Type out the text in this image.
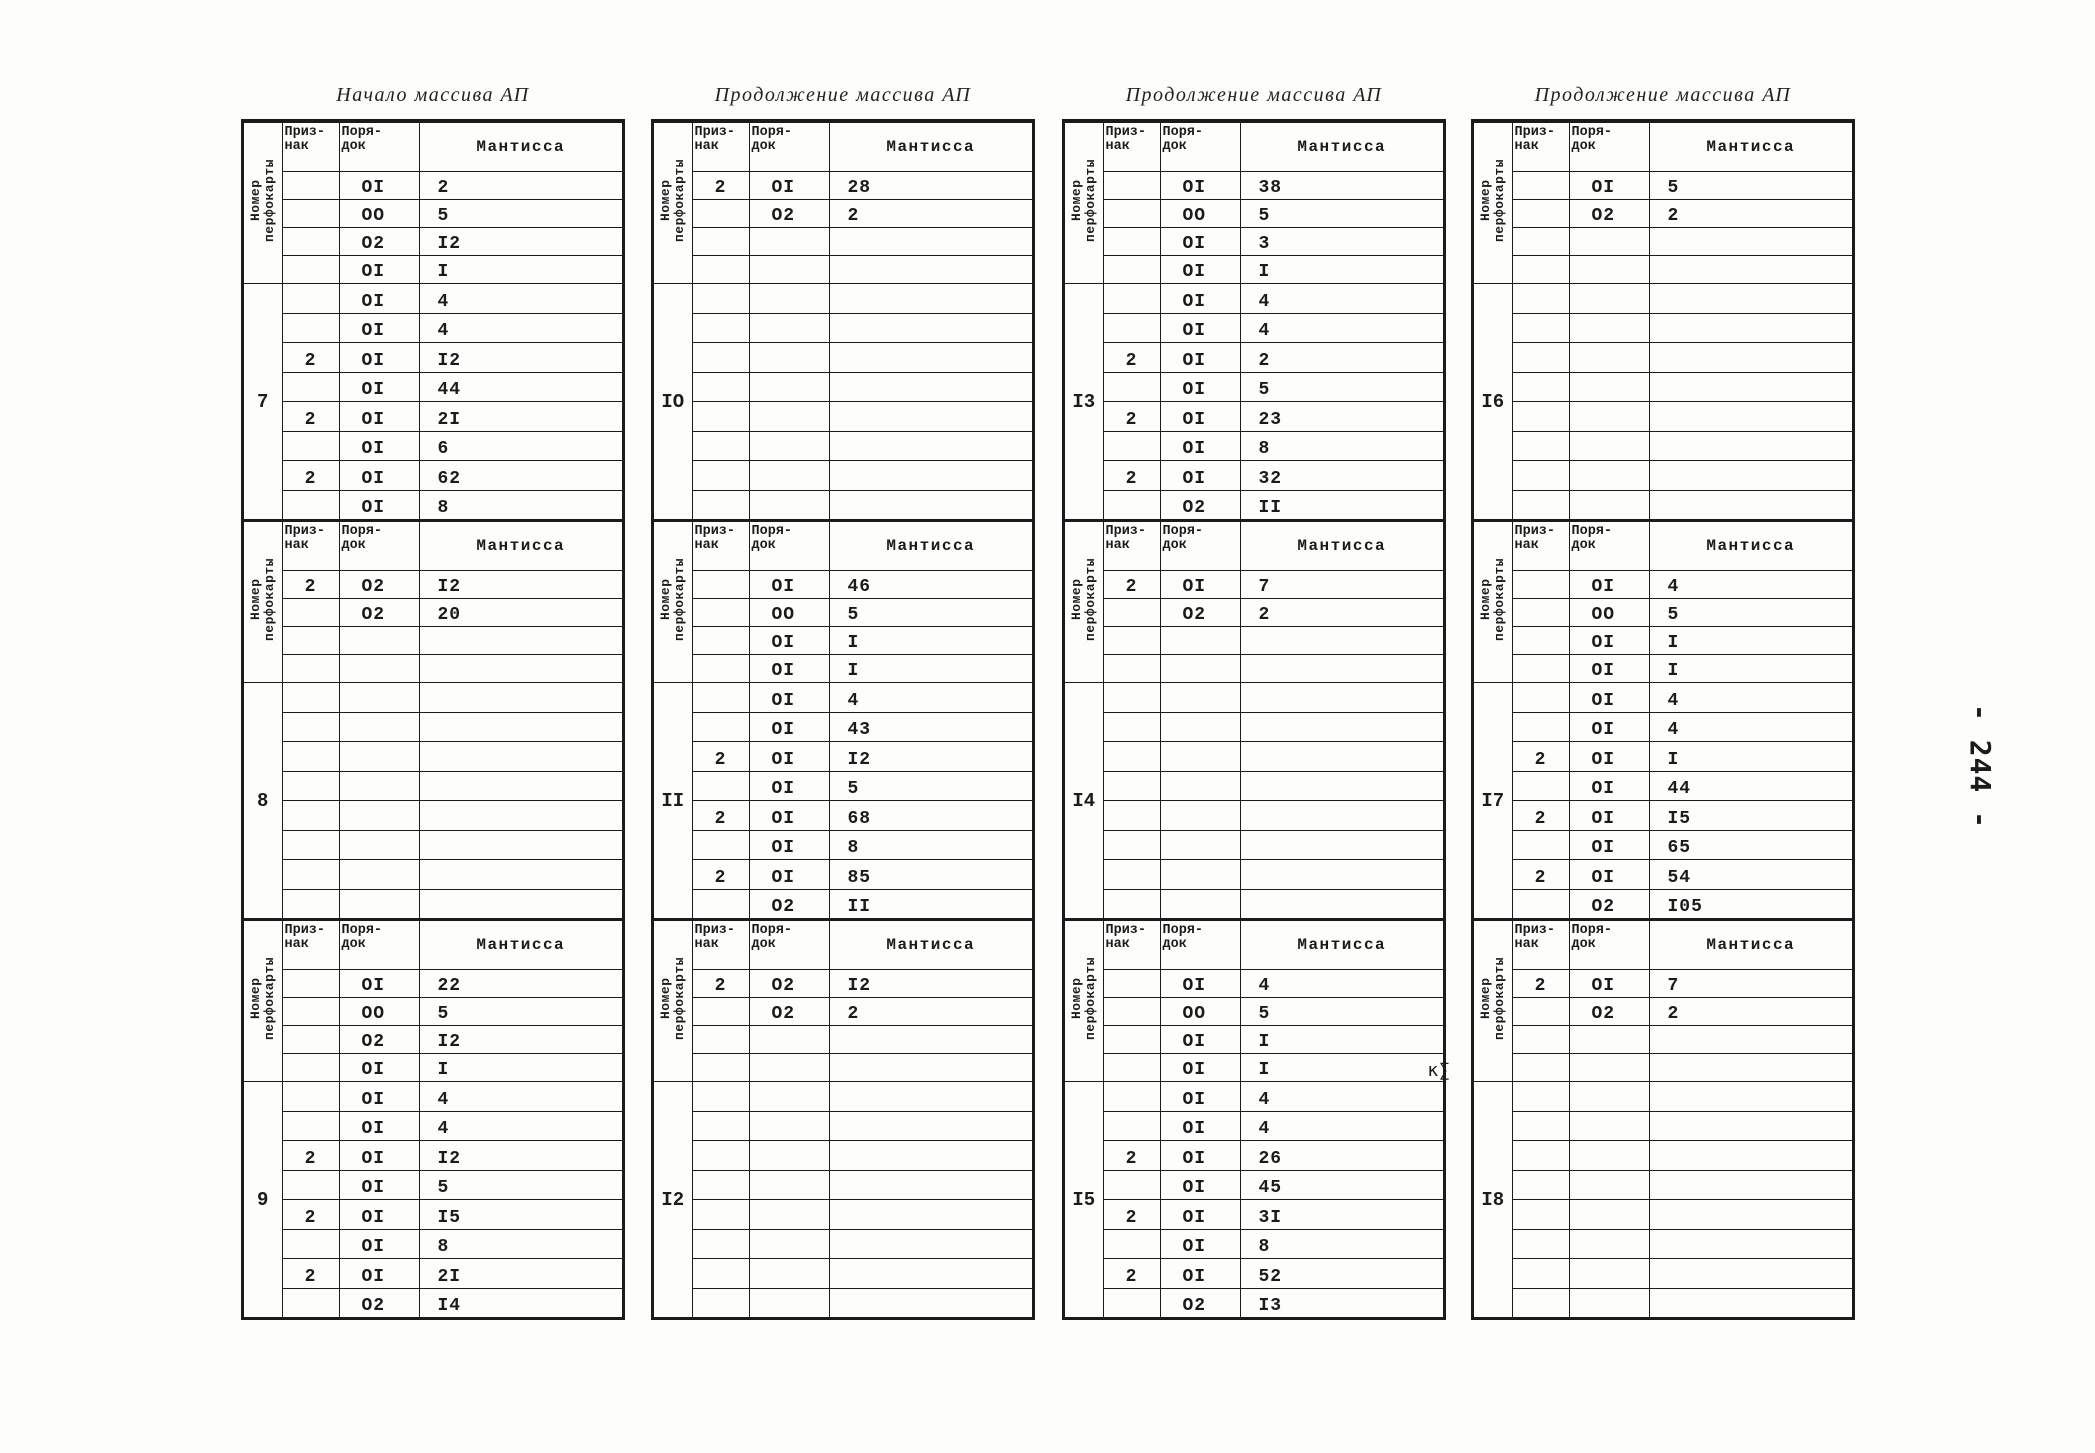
- 244 -
Начало массива АП
Номер перфокарты	Приз-
нак	Поря-
док	Мантисса
		OI	2
		OO	5
		O2	I2
		OI	I
7		OI	4
		OI	4
	2	OI	I2
		OI	44
	2	OI	2I
		OI	6
	2	OI	62
		OI	8
Номер перфокарты	Приз-
нак	Поря-
док	Мантисса
	2	O2	I2
		O2	20

8			

Номер перфокарты	Приз-
нак	Поря-
док	Мантисса
		OI	22
		OO	5
		O2	I2
		OI	I
9		OI	4
		OI	4
	2	OI	I2
		OI	5
	2	OI	I5
		OI	8
	2	OI	2I
		O2	I4
Продолжение массива АП
Номер перфокарты	Приз-
нак	Поря-
док	Мантисса
	2	OI	28
		O2	2

IO			

Номер перфокарты	Приз-
нак	Поря-
док	Мантисса
		OI	46
		OO	5
		OI	I
		OI	I
II		OI	4
		OI	43
	2	OI	I2
		OI	5
	2	OI	68
		OI	8
	2	OI	85
		O2	II
Номер перфокарты	Приз-
нак	Поря-
док	Мантисса
	2	O2	I2
		O2	2

I2			

Продолжение массива АП
Номер перфокарты	Приз-
нак	Поря-
док	Мантисса
		OI	38
		OO	5
		OI	3
		OI	I
I3		OI	4
		OI	4
	2	OI	2
		OI	5
	2	OI	23
		OI	8
	2	OI	32
		O2	II
Номер перфокарты	Приз-
нак	Поря-
док	Мантисса
	2	OI	7
		O2	2

I4			

Номер перфокарты	Приз-
нак	Поря-
док	Мантисса
		OI	4
		OO	5
		OI	I
		OI	I к∑

I5		OI	4
		OI	4
	2	OI	26
		OI	45
	2	OI	3I
		OI	8
	2	OI	52
		O2	I3
Продолжение массива АП
Номер перфокарты	Приз-
нак	Поря-
док	Мантисса
		OI	5
		O2	2

I6			

Номер перфокарты	Приз-
нак	Поря-
док	Мантисса
		OI	4
		OO	5
		OI	I
		OI	I
I7		OI	4
		OI	4
	2	OI	I
		OI	44
	2	OI	I5
		OI	65
	2	OI	54
		O2	I05
Номер перфокарты	Приз-
нак	Поря-
док	Мантисса
	2	OI	7
		O2	2

I8			
